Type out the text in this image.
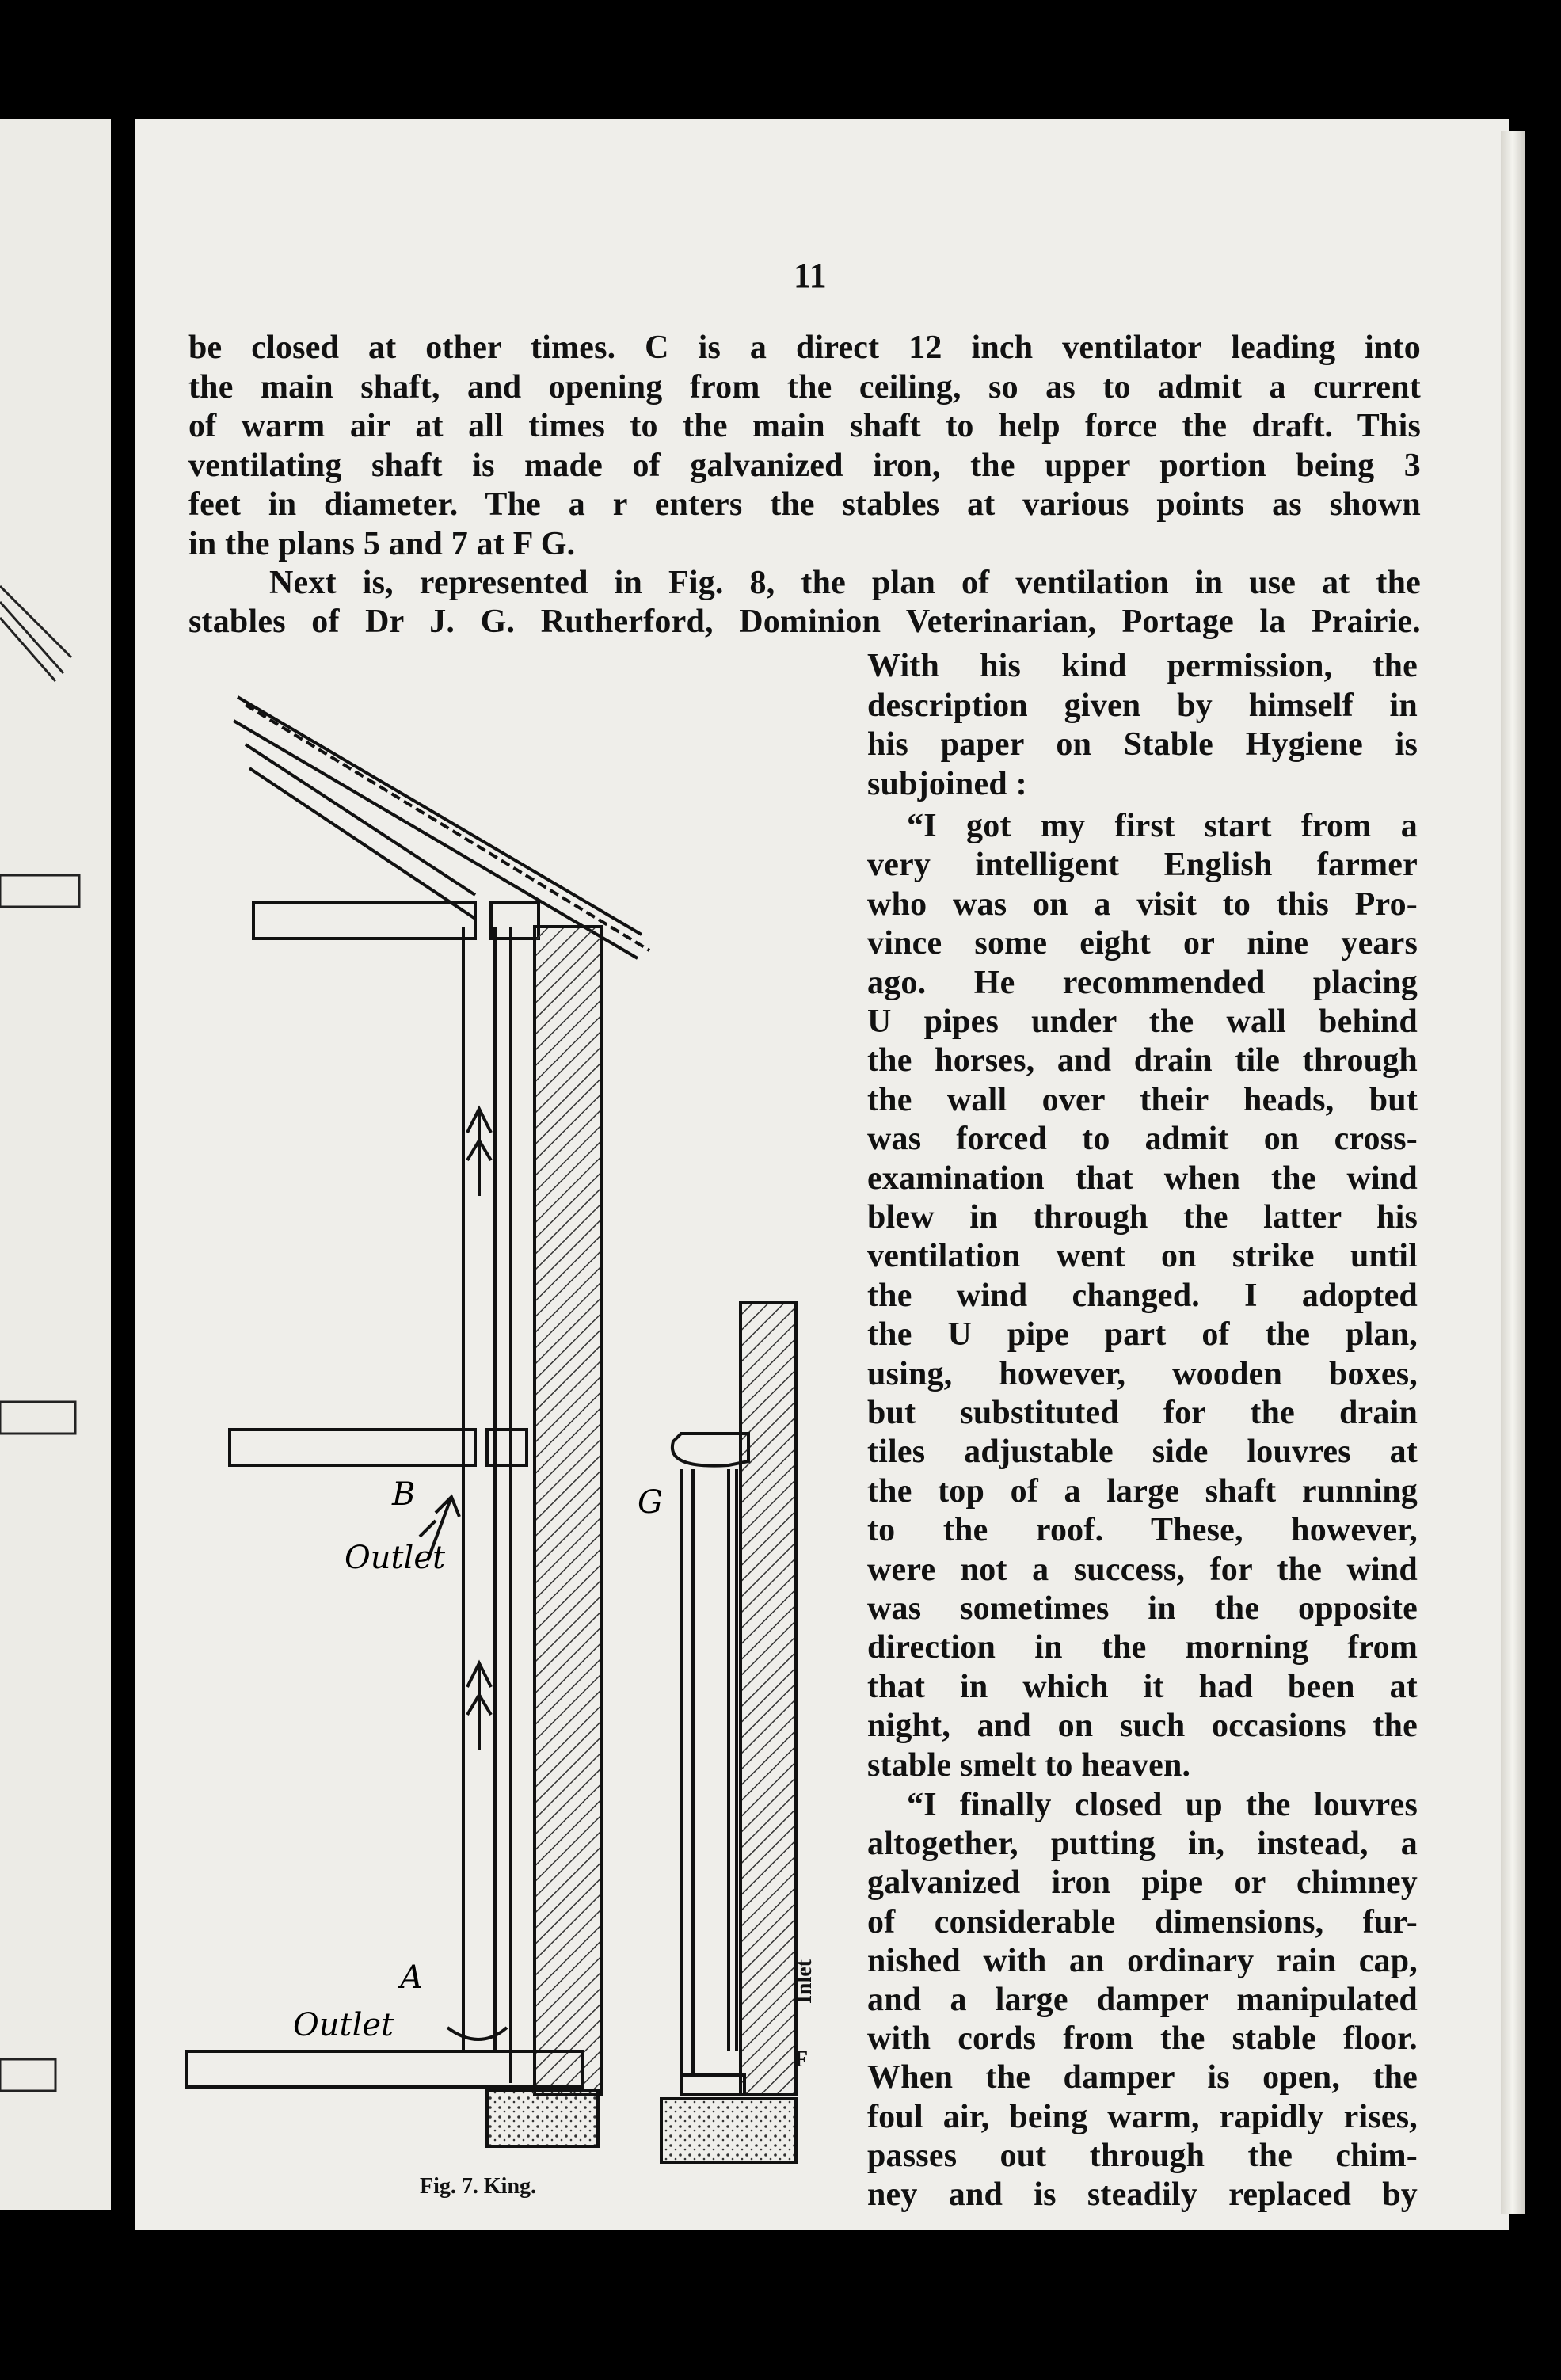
11
be closed at other times. C is a direct 12 inch ventilator leading into
the main shaft, and opening from the ceiling, so as to admit a current
of warm air at all times to the main shaft to help force the draft. This
ventilating shaft is made of galvanized iron, the upper portion being 3
feet in diameter. The a r enters the stables at various points as shown
in the plans 5 and 7 at F G.
Next is, represented in Fig. 8, the plan of ventilation in use at the
stables of Dr J. G. Rutherford, Dominion Veterinarian, Portage la Prairie.
With his kind permission, the
description given by himself in
his paper on Stable Hygiene is
subjoined :
“I got my first start from a
very intelligent English farmer
who was on a visit to this Pro-
vince some eight or nine years
ago. He recommended placing
U pipes under the wall behind
the horses, and drain tile through
the wall over their heads, but
was forced to admit on cross-
examination that when the wind
blew in through the latter his
ventilation went on strike until
the wind changed. I adopted
the U pipe part of the plan,
using, however, wooden boxes,
but substituted for the drain
tiles adjustable side louvres at
the top of a large shaft running
to the roof. These, however,
were not a success, for the wind
was sometimes in the opposite
direction in the morning from
that in which it had been at
night, and on such occasions the
stable smelt to heaven.
“I finally closed up the louvres
altogether, putting in, instead, a
galvanized iron pipe or chimney
of considerable dimensions, fur-
nished with an ordinary rain cap,
and a large damper manipulated
with cords from the stable floor.
When the damper is open, the
foul air, being warm, rapidly rises,
passes out through the chim-
ney and is steadily replaced by
B
Outlet
A
Outlet
G
Inlet
F
Fig. 7. King.
